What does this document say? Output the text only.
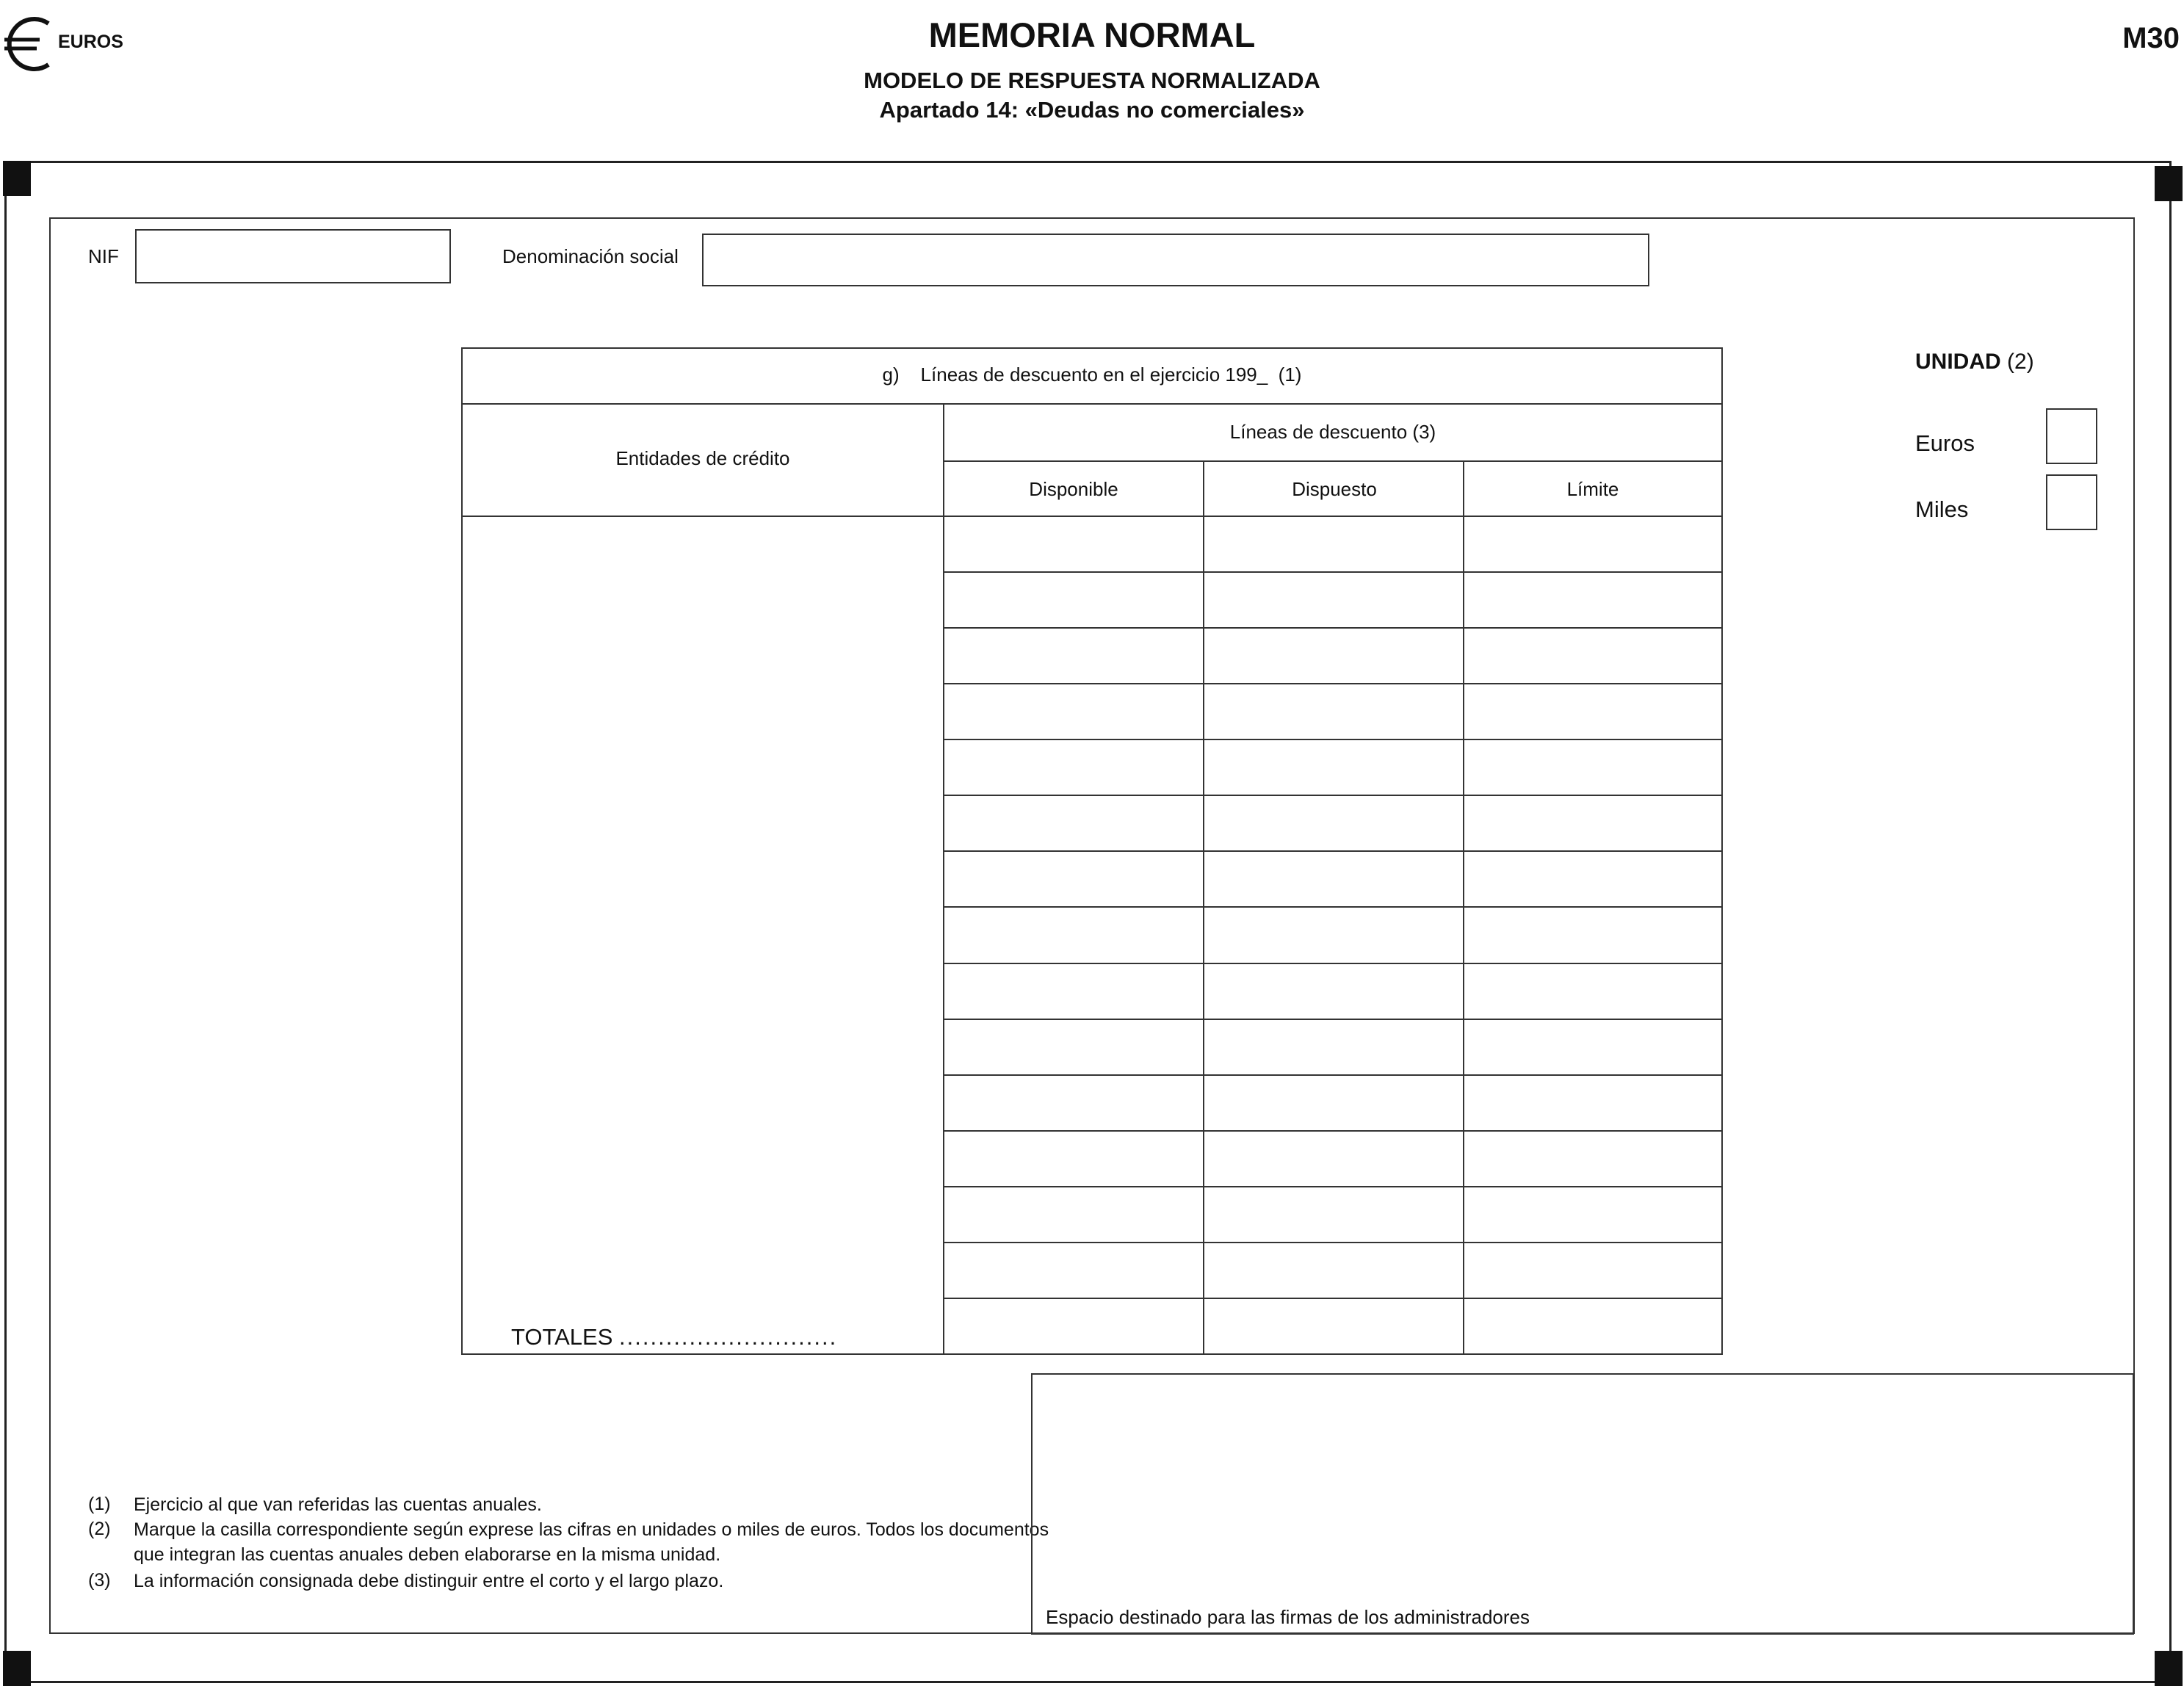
EUROS	MEMORIA NORMAL
MODELO DE RESPUESTA NORMALIZADA
Apartado 14: «Deudas no comerciales»
M30
NIF	Denominación social
g)    Líneas de descuento en el ejercicio 199_  (1)
Entidades de crédito
Líneas de descuento (3)
Disponible	Dispuesto	Límite
TOTALES ............................
UNIDAD (2)
Euros
Miles
(1) Ejercicio al que van referidas las cuentas anuales.
(2) Marque la casilla correspondiente según exprese las cifras en unidades o miles de euros. Todos los documentos que integran las cuentas anuales deben elaborarse en la misma unidad.
(3) La información consignada debe distinguir entre el corto y el largo plazo.
Espacio destinado para las firmas de los administradores
